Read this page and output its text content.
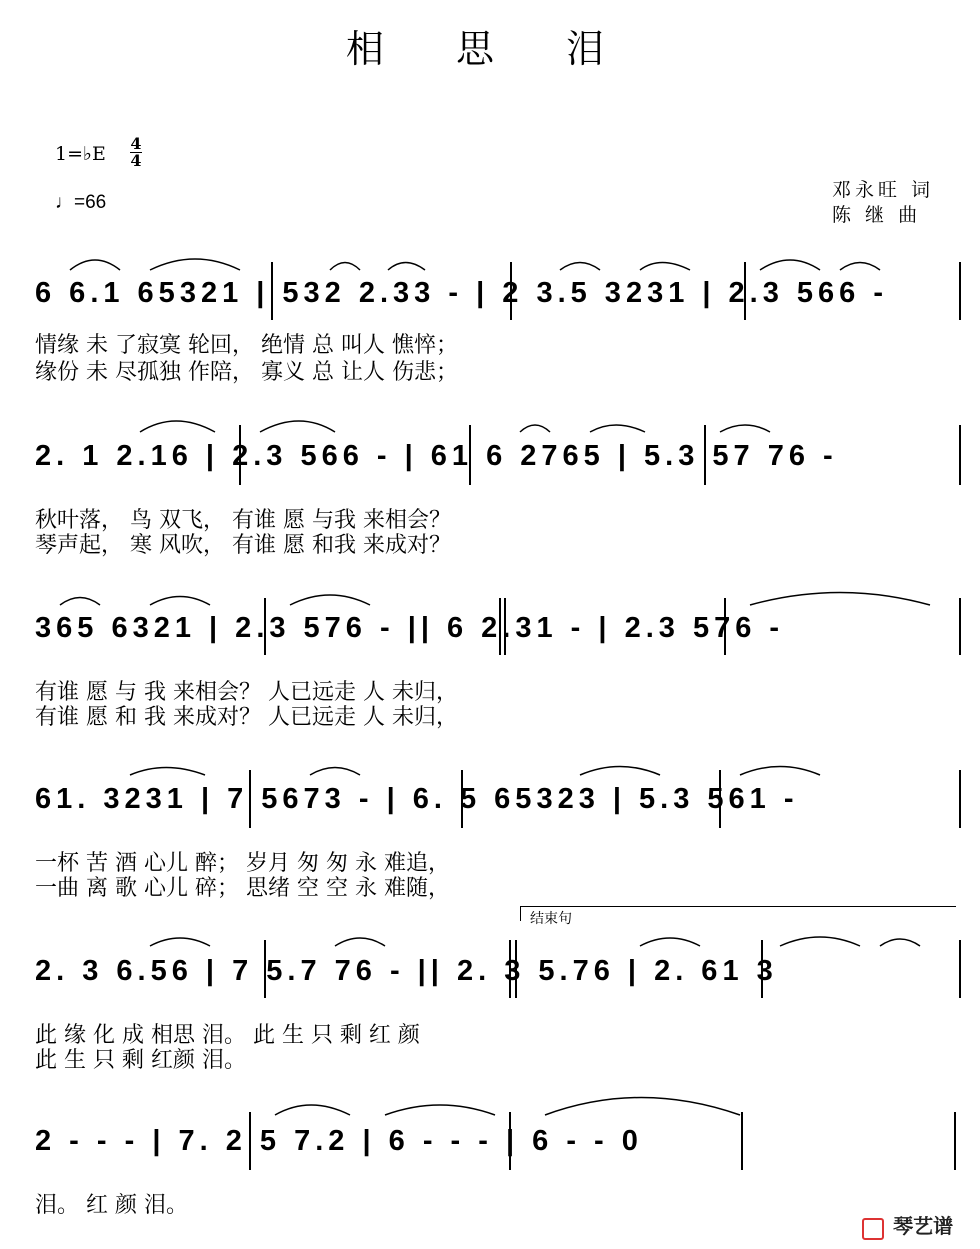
相 思 泪
1=♭E 4
4
♩=66
邓永旺 词
陈 继 曲
6 6.1 65321 | 532 2.33 - | 2 3.5 3231 | 2.3 566 -
情缘 未 了寂寞 轮回， 绝情 总 叫人 憔悴；
缘份 未 尽孤独 作陪， 寡义 总 让人 伤悲；
2. 1 2.16 | 2.3 566 - | 61 6 2765 | 5.3 57 76 -
秋叶落， 鸟 双飞， 有谁 愿 与我 来相会？
琴声起， 寒 风吹， 有谁 愿 和我 来成对？
365 6321 | 2.3 576 - || 6 2.31 - | 2.3 576 -
有谁 愿 与 我 来相会？ 人已远走 人 未归，
有谁 愿 和 我 来成对？ 人已远走 人 未归，
61. 3231 | 7 5673 - | 6. 5 65323 | 5.3 561 -
一杯 苦 酒 心儿 醉； 岁月 匆 匆 永 难追，
一曲 离 歌 心儿 碎； 思绪 空 空 永 难随，
结束句
2. 3 6.56 | 7 5.7 76 - || 2. 3 5.76 | 2. 61 3
此 缘 化 成 相思 泪。 此 生 只 剩 红 颜
此 生 只 剩 红颜 泪。
2 - - - | 7. 2 5 7.2 | 6 - - - | 6 - - 0
泪。 红 颜 泪。
琴艺谱
